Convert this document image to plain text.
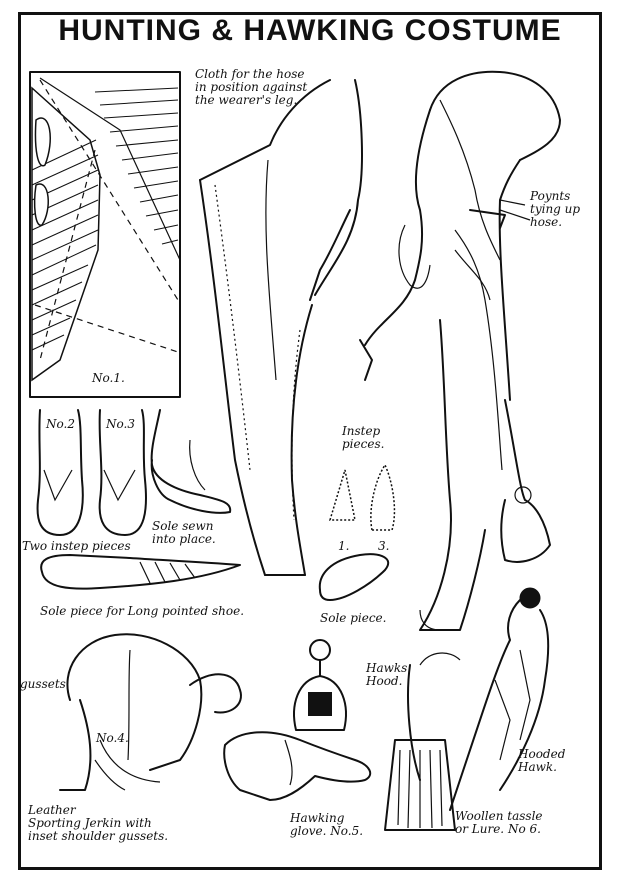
HUNTING & HAWKING COSTUME
Cloth for the hose
in position against
the wearer's leg.
No.1.
No.2	No.3
Poynts
tying up
hose.
Instep
pieces.
Two instep pieces
Sole sewn
into place.	1. 3.
Sole piece for Long pointed shoe.	Sole piece.
gussets
No.4.
Hawks
Hood.
Hooded
Hawk.
Leather
Sporting Jerkin with
inset shoulder gussets.
Hawking
glove. No.5.
Woollen tassle
or Lure. No 6.
